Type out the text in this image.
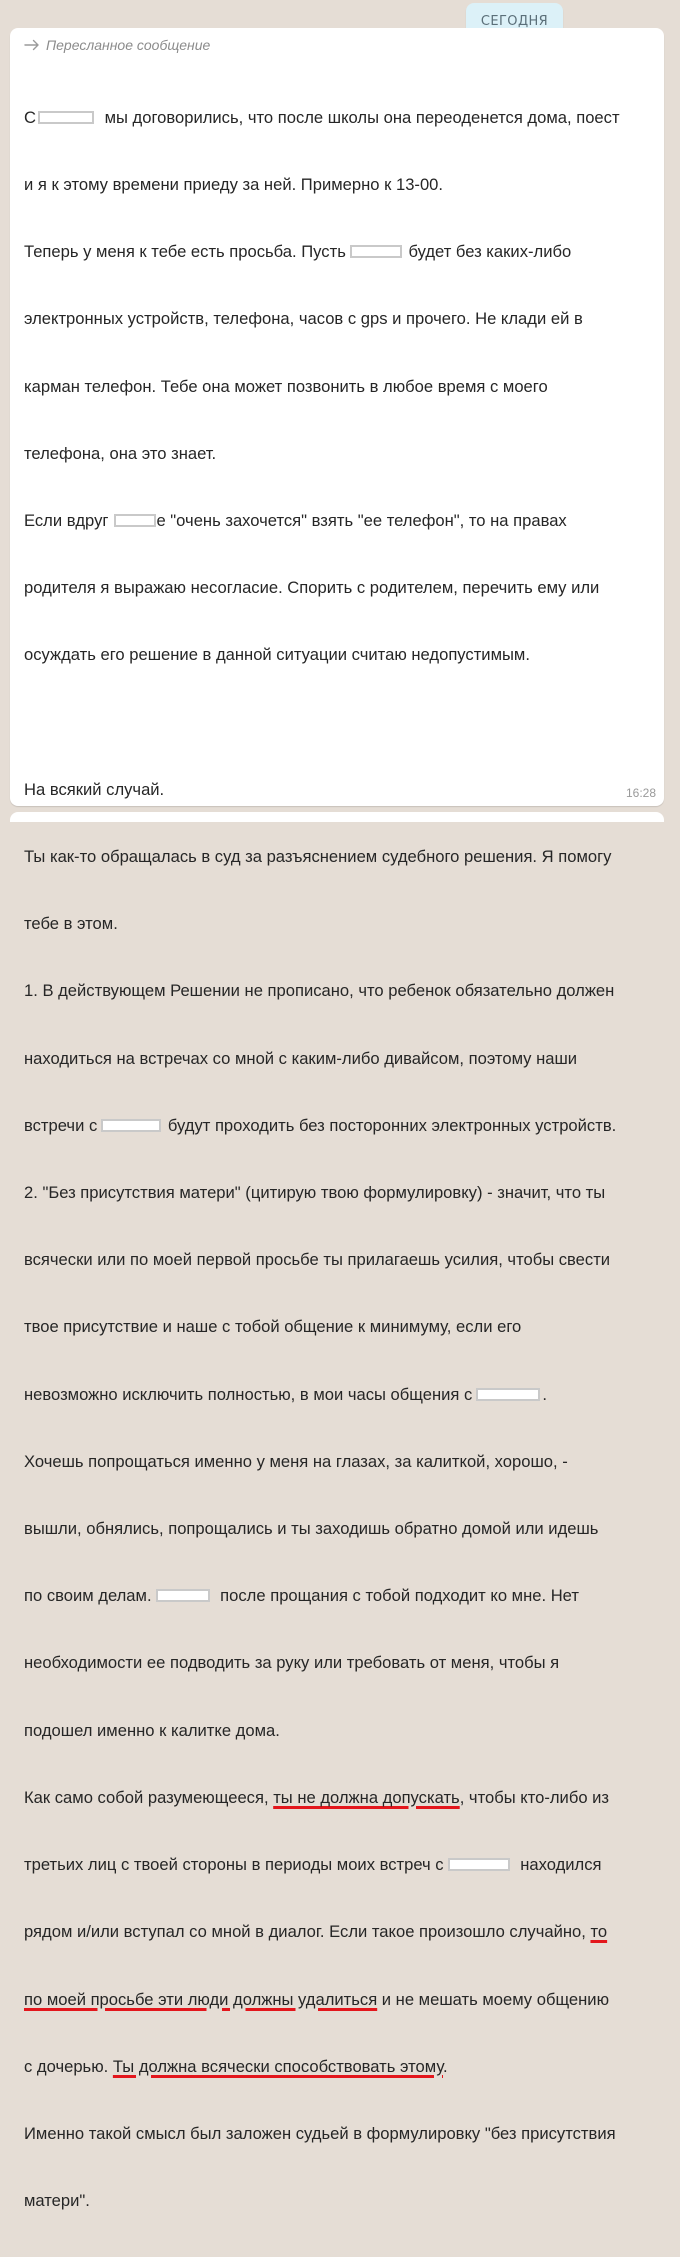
СЕГОДНЯ
Пересланное сообщение

С	мы договорились, что после школы она переоденется дома, поест

и я к этому времени приеду за ней. Примерно к 13-00.

Теперь у меня к тебе есть просьба. Пусть	будет без каких-либо

электронных устройств, телефона, часов с gps и прочего. Не клади ей в

карман телефон. Тебе она может позвонить в любое время с моего

телефона, она это знает.

Если вдруг	е "очень захочется" взять "ее телефон", то на правах

родителя я выражаю несогласие. Спорить с родителем, перечить ему или

осуждать его решение в данной ситуации считаю недопустимым.

На всякий случай.

Ты как-то обращалась в суд за разъяснением судебного решения. Я помогу

тебе в этом.

1. В действующем Решении не прописано, что ребенок обязательно должен

находиться на встречах со мной с каким-либо дивайсом, поэтому наши

встречи с	будут проходить без посторонних электронных устройств.

2. "Без присутствия матери" (цитирую твою формулировку) - значит, что ты

всячески или по моей первой просьбе ты прилагаешь усилия, чтобы свести

твое присутствие и наше с тобой общение к минимуму, если его

невозможно исключить полностью, в мои часы общения с	.

Хочешь попрощаться именно у меня на глазах, за калиткой, хорошо, -

вышли, обнялись, попрощались и ты заходишь обратно домой или идешь

по своим делам.	после прощания с тобой подходит ко мне. Нет

необходимости ее подводить за руку или требовать от меня, чтобы я

подошел именно к калитке дома.

Как само собой разумеющееся, ты не должна допускать, чтобы кто-либо из

третьих лиц с твоей стороны в периоды моих встреч с	находился

рядом и/или вступал со мной в диалог. Если такое произошло случайно, то

по моей просьбе эти люди должны удалиться и не мешать моему общению

с дочерью. Ты должна всячески способствовать этому.

Именно такой смысл был заложен судьей в формулировку "без присутствия

матери".

16:28
